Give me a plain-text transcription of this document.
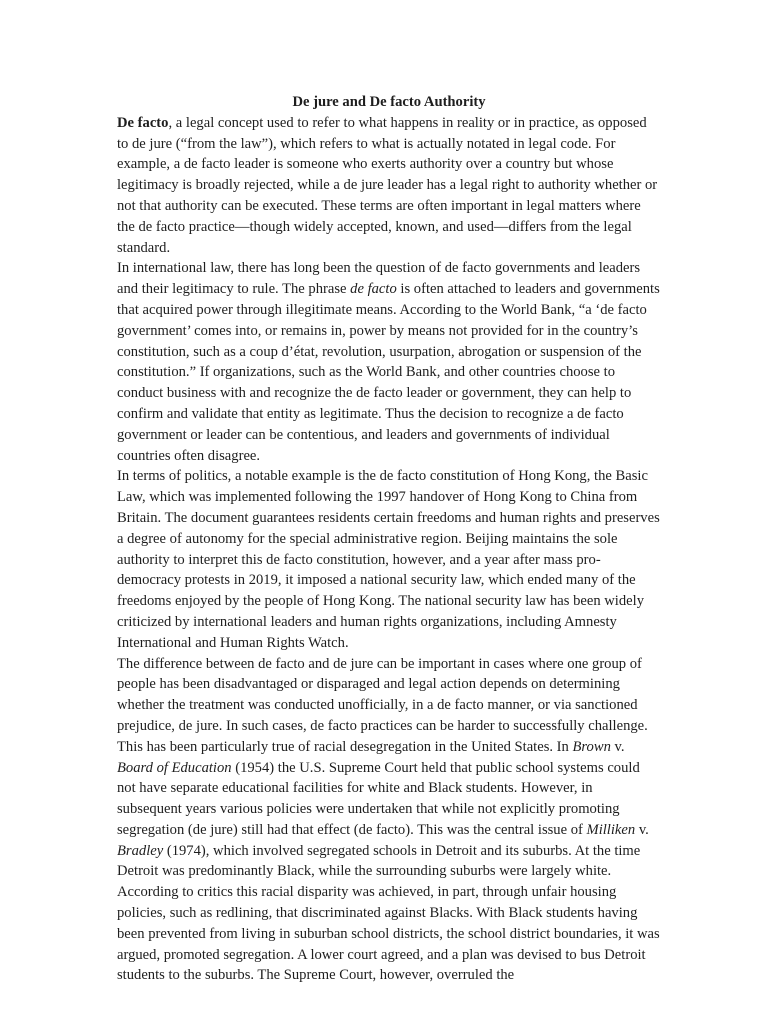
De jure and De facto Authority

De facto, a legal concept used to refer to what happens in reality or in practice, as opposed to de jure (“from the law”), which refers to what is actually notated in legal code. For example, a de facto leader is someone who exerts authority over a country but whose legitimacy is broadly rejected, while a de jure leader has a legal right to authority whether or not that authority can be executed. These terms are often important in legal matters where the de facto practice—though widely accepted, known, and used—differs from the legal standard.

In international law, there has long been the question of de facto governments and leaders and their legitimacy to rule. The phrase de facto is often attached to leaders and governments that acquired power through illegitimate means. According to the World Bank, “a ‘de facto government’ comes into, or remains in, power by means not provided for in the country’s constitution, such as a coup d’état, revolution, usurpation, abrogation or suspension of the constitution.” If organizations, such as the World Bank, and other countries choose to conduct business with and recognize the de facto leader or government, they can help to confirm and validate that entity as legitimate. Thus the decision to recognize a de facto government or leader can be contentious, and leaders and governments of individual countries often disagree.

In terms of politics, a notable example is the de facto constitution of Hong Kong, the Basic Law, which was implemented following the 1997 handover of Hong Kong to China from Britain. The document guarantees residents certain freedoms and human rights and preserves a degree of autonomy for the special administrative region. Beijing maintains the sole authority to interpret this de facto constitution, however, and a year after mass pro-democracy protests in 2019, it imposed a national security law, which ended many of the freedoms enjoyed by the people of Hong Kong. The national security law has been widely criticized by international leaders and human rights organizations, including Amnesty International and Human Rights Watch.

The difference between de facto and de jure can be important in cases where one group of people has been disadvantaged or disparaged and legal action depends on determining whether the treatment was conducted unofficially, in a de facto manner, or via sanctioned prejudice, de jure. In such cases, de facto practices can be harder to successfully challenge. This has been particularly true of racial desegregation in the United States. In Brown v. Board of Education (1954) the U.S. Supreme Court held that public school systems could not have separate educational facilities for white and Black students. However, in subsequent years various policies were undertaken that while not explicitly promoting segregation (de jure) still had that effect (de facto). This was the central issue of Milliken v. Bradley (1974), which involved segregated schools in Detroit and its suburbs. At the time Detroit was predominantly Black, while the surrounding suburbs were largely white. According to critics this racial disparity was achieved, in part, through unfair housing policies, such as redlining, that discriminated against Blacks. With Black students having been prevented from living in suburban school districts, the school district boundaries, it was argued, promoted segregation. A lower court agreed, and a plan was devised to bus Detroit students to the suburbs. The Supreme Court, however, overruled the
